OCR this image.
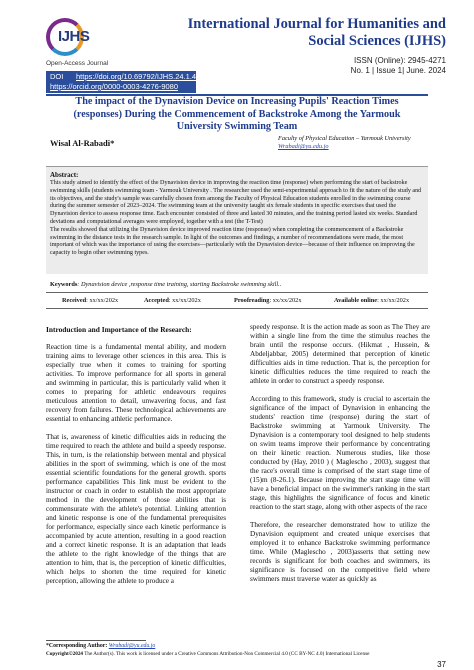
IJHS
Open-Access Journal
International Journal for Humanities and Social Sciences (IJHS)
ISSN (Online): 2945-4271
No. 1 | Issue 1| June. 2024
DOI https://doi.org/10.69792/IJHS.24.1.4
https://orcid.org/0000-0003-4276-9080
The impact of the Dynavision Device on Increasing Pupils' Reaction Times (responses) During the Commencement of Backstroke Among the Yarmouk University Swimming Team
Wisal Al-Rabadi*	Faculty of Physical Education – Yarmouk University
Wrabadi@yu.edu.jo
Abstract:
This study aimed to identify the effect of the Dynavision device in improving the reaction time (response) when performing the start of backstroke swimming skills (students swimming team - Yarmouk University . The researcher used the semi-experimental approach to fit the nature of the study and its objectives, and the study's sample was carefully chosen from among the Faculty of Physical Education students enrolled in the swimming course during the summer semester of 2023–2024. The swimming team at the university taught six female students in specific exercises that used the Dynavision device to assess response time. Each encounter consisted of three and lasted 30 minutes, and the training period lasted six weeks. Standard deviations and computational averages were employed, together with a test (the T-Test)
The results showed that utilizing the Dynavision device improved reaction time (response) when completing the commencement of a Backstroke swimming in the distance tests in the research sample. In light of the outcomes and findings, a number of recommendations were made, the most important of which was the importance of using the exercises—particularly with the Dynavision device—because of their influence on improving the capacity to begin other swimming types.
Keywords: Dynavision device ,response time training, starting Backstroke swimming skill..
Received: xx/xx/202x	Accepted: xx/xx/202x	Proofreading: xx/xx/202x	Available online: xx/xx/202x
Introduction and Importance of the Research:

Reaction time is a fundamental mental ability, and modern training aims to leverage other sciences in this area. This is especially true when it comes to training for sporting activities. To improve performance for all sports in general and swimming in particular, this is particularly valid when it comes to preparing for athletic endeavours requires meticulous attention to detail, unwavering focus, and fast recovery from failures. These technological achievements are essential to enhancing athletic performance.

That is, awareness of kinetic difficulties aids in reducing the time required to reach the athlete and build a speedy response. This, in turn, is the relationship between mental and physical abilities in the sport of swimming, which is one of the most essential scientific foundations for the general growth. sports performance capabilities This link must be evident to the instructor or coach in order to establish the most appropriate method in the development of those abilities that is commensurate with the athlete's potential. Linking attention and kinetic response is one of the fundamental prerequisites for performance, especially since each kinetic performance is accompanied by acute attention, resulting in a good reaction and a correct kinetic response. It is an adaptation that leads the athlete to the right knowledge of the things that are attention to him, that is, the perception of kinetic difficulties, which helps to shorten the time required for kinetic perception, allowing the athlete to produce a

speedy response. It is the action made as soon as The They are within a single line from the time the stimulus reaches the brain until the response occurs. (Hikmat , Hussein, & Abdeljabbar, 2005) determined that perception of kinetic difficulties aids in time reduction. That is, the perception for kinetic difficulties reduces the time required to reach the athlete in order to construct a speedy response.

According to this framework, study is crucial to ascertain the significance of the impact of Dynavision in enhancing the students' reaction time (response) during the start of Backstroke swimming at Yarmouk University. The Dynavision is a contemporary tool designed to help students on swim teams improve their performance by concentrating on their kinetic reaction. Numerous studies, like those conducted by (Hay, 2010 ) ( Maglescho , 2003), suggest that the race's overall time is comprised of the start stage time of (15)m (8-26.1). Because improving the start stage time will have a beneficial impact on the swimmer's ranking in the start stage, this highlights the significance of focus and kinetic reaction to the start stage, along with other aspects of the race

Therefore, the researcher demonstrated how to utilize the Dynavision equipment and created unique exercises that employed it to enhance Backstroke swimming performance time. While (Maglescho , 2003)asserts that setting new records is significant for both coaches and swimmers, its significance is focused on the competitive field where swimmers must traverse water as quickly as

*Corresponding Author: Wrabadi@yu.edu.jo
Copyright©2024 The Author(s). This work is licensed under a Creative Commons Attribution-Non Commercial 4.0 (CC BY-NC 4.0) International License
37
